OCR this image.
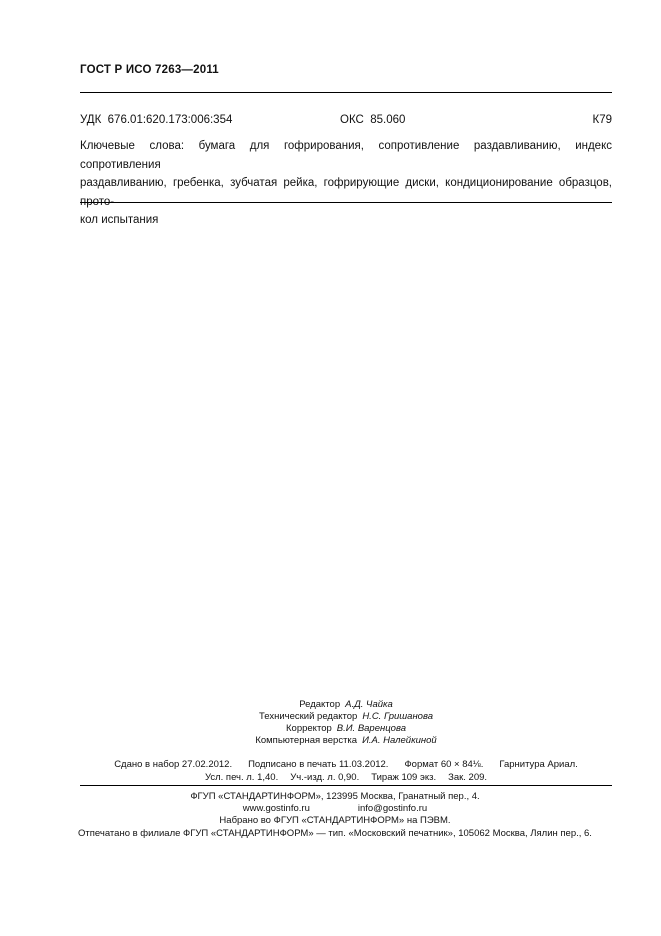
ГОСТ Р ИСО 7263—2011
УДК  676.01:620.173:006:354	ОКС  85.060	К79
Ключевые слова: бумага для гофрирования, сопротивление раздавливанию, индекс сопротивления
раздавливанию, гребенка, зубчатая рейка, гофрирующие диски, кондиционирование образцов, прото-
кол испытания
Редактор А.Д. Чайка
Технический редактор Н.С. Гришанова
Корректор В.И. Варенцова
Компьютерная верстка И.А. Налейкиной
Сдано в набор 27.02.2012. Подписано в печать 11.03.2012. Формат 60 × 84⅛. Гарнитура Ариал.
Усл. печ. л. 1,40. Уч.-изд. л. 0,90. Тираж 109 экз. Зак. 209.
ФГУП «СТАНДАРТИНФОРМ», 123995 Москва, Гранатный пер., 4.
www.gostinfo.ru	info@gostinfo.ru
Набрано во ФГУП «СТАНДАРТИНФОРМ» на ПЭВМ.
Отпечатано в филиале ФГУП «СТАНДАРТИНФОРМ» — тип. «Московский печатник», 105062 Москва, Лялин пер., 6.
